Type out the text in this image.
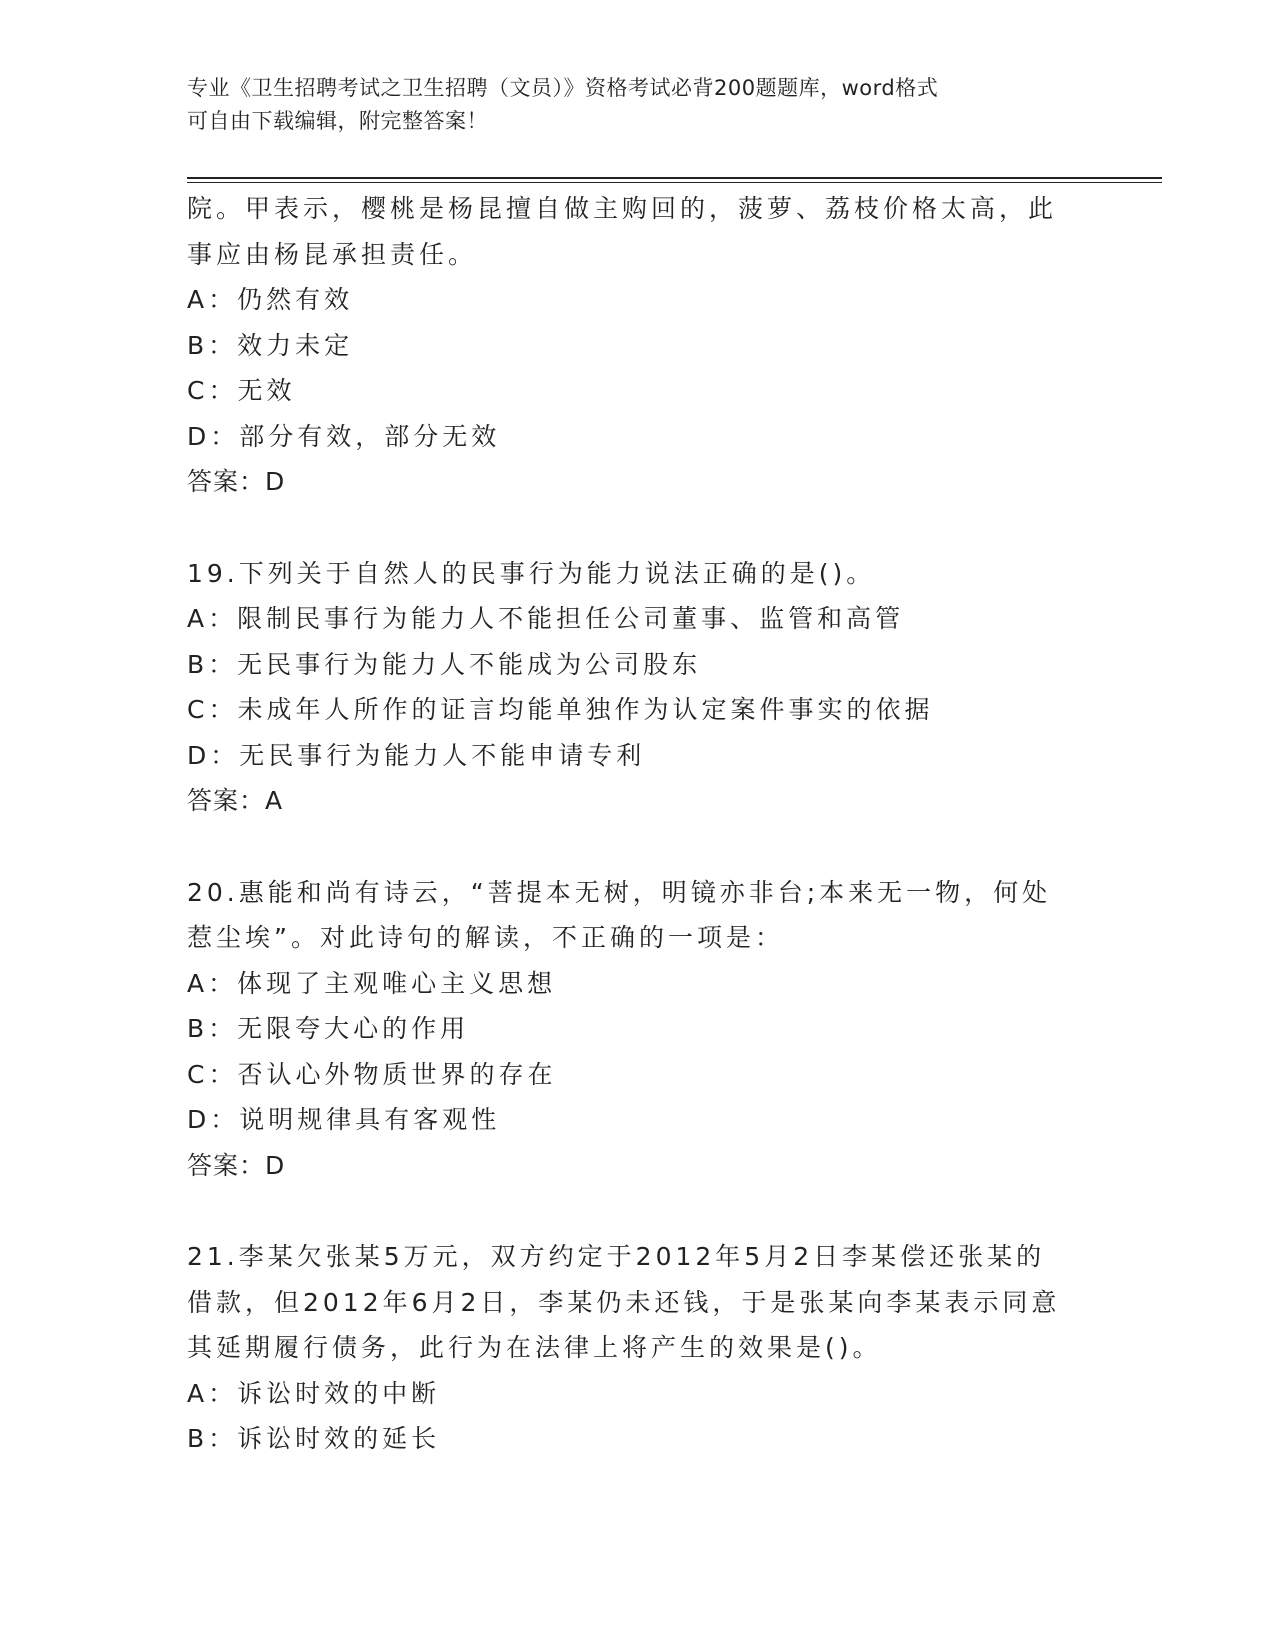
专业《卫生招聘考试之卫生招聘（文员）》资格考试必背200题题库，word格式
可自由下载编辑，附完整答案！
院。甲表示，樱桃是杨昆擅自做主购回的，菠萝、荔枝价格太高，此
事应由杨昆承担责任。
A：仍然有效
B：效力未定
C：无效
D：部分有效，部分无效
答案：D
19.下列关于自然人的民事行为能力说法正确的是()。
A：限制民事行为能力人不能担任公司董事、监管和高管
B：无民事行为能力人不能成为公司股东
C：未成年人所作的证言均能单独作为认定案件事实的依据
D：无民事行为能力人不能申请专利
答案：A
20.惠能和尚有诗云，“菩提本无树，明镜亦非台;本来无一物，何处
惹尘埃”。对此诗句的解读，不正确的一项是：
A：体现了主观唯心主义思想
B：无限夸大心的作用
C：否认心外物质世界的存在
D：说明规律具有客观性
答案：D
21.李某欠张某5万元，双方约定于2012年5月2日李某偿还张某的
借款，但2012年6月2日，李某仍未还钱，于是张某向李某表示同意
其延期履行债务，此行为在法律上将产生的效果是()。
A：诉讼时效的中断
B：诉讼时效的延长
